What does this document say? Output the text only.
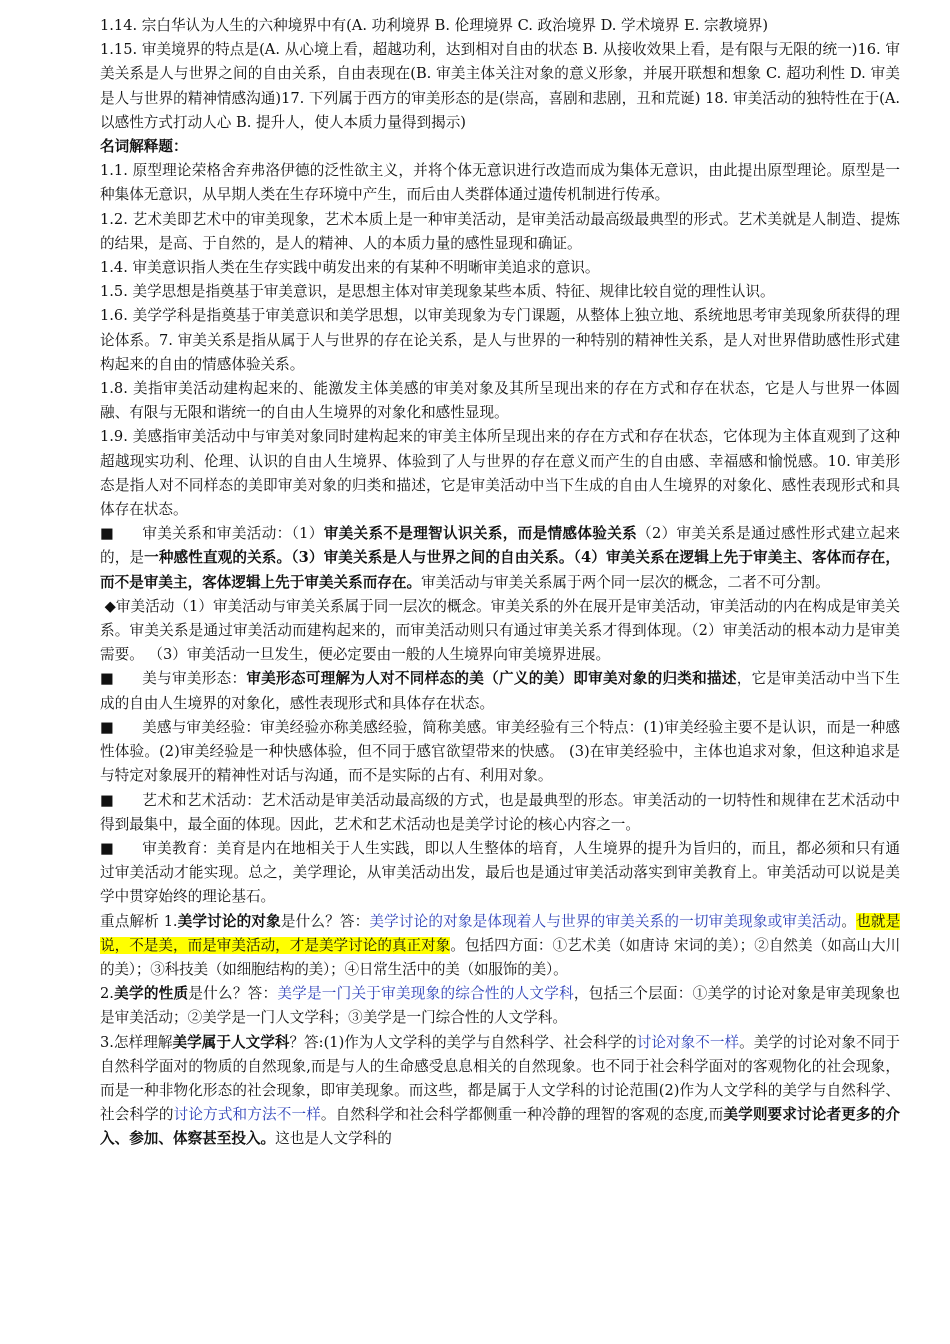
1.14. 宗白华认为人生的六种境界中有(A. 功利境界 B. 伦理境界 C. 政治境界 D. 学术境界 E. 宗教境界)

1.15. 审美境界的特点是(A. 从心境上看，超越功利，达到相对自由的状态 B. 从接收效果上看，是有限与无限的统一)16. 审美关系是人与世界之间的自由关系，自由表现在(B. 审美主体关注对象的意义形象，并展开联想和想象 C. 超功利性 D. 审美是人与世界的精神情感沟通)17. 下列属于西方的审美形态的是(崇高，喜剧和悲剧，丑和荒诞) 18. 审美活动的独特性在于(A. 以感性方式打动人心 B. 提升人，使人本质力量得到揭示)

名词解释题：

1.1. 原型理论荣格舍弃弗洛伊德的泛性欲主义，并将个体无意识进行改造而成为集体无意识，由此提出原型理论。原型是一种集体无意识，从早期人类在生存环境中产生，而后由人类群体通过遗传机制进行传承。

1.2. 艺术美即艺术中的审美现象，艺术本质上是一种审美活动，是审美活动最高级最典型的形式。艺术美就是人制造、提炼的结果，是高、于自然的，是人的精神、人的本质力量的感性显现和确证。

1.4. 审美意识指人类在生存实践中萌发出来的有某种不明晰审美追求的意识。

1.5. 美学思想是指奠基于审美意识，是思想主体对审美现象某些本质、特征、规律比较自觉的理性认识。

1.6. 美学学科是指奠基于审美意识和美学思想，以审美现象为专门课题，从整体上独立地、系统地思考审美现象所获得的理论体系。7. 审美关系是指从属于人与世界的存在论关系，是人与世界的一种特别的精神性关系，是人对世界借助感性形式建构起来的自由的情感体验关系。

1.8. 美指审美活动建构起来的、能激发主体美感的审美对象及其所呈现出来的存在方式和存在状态，它是人与世界一体圆融、有限与无限和谐统一的自由人生境界的对象化和感性显现。

1.9. 美感指审美活动中与审美对象同时建构起来的审美主体所呈现出来的存在方式和存在状态，它体现为主体直观到了这种超越现实功利、伦理、认识的自由人生境界、体验到了人与世界的存在意义而产生的自由感、幸福感和愉悦感。10. 审美形态是指人对不同样态的美即审美对象的归类和描述，它是审美活动中当下生成的自由人生境界的对象化、感性表现形式和具体存在状态。

■ 审美关系和审美活动：（1）审美关系不是理智认识关系，而是情感体验关系（2）审美关系是通过感性形式建立起来的，是一种感性直观的关系。（3）审美关系是人与世界之间的自由关系。（4）审美关系在逻辑上先于审美主、客体而存在，而不是审美主，客体逻辑上先于审美关系而存在。审美活动与审美关系属于两个同一层次的概念，二者不可分割。

◆审美活动（1）审美活动与审美关系属于同一层次的概念。审美关系的外在展开是审美活动，审美活动的内在构成是审美关系。审美关系是通过审美活动而建构起来的，而审美活动则只有通过审美关系才得到体现。（2）审美活动的根本动力是审美需要。 （3）审美活动一旦发生，便必定要由一般的人生境界向审美境界进展。

■ 美与审美形态：审美形态可理解为人对不同样态的美（广义的美）即审美对象的归类和描述，它是审美活动中当下生成的自由人生境界的对象化，感性表现形式和具体存在状态。

■ 美感与审美经验：审美经验亦称美感经验，简称美感。审美经验有三个特点：(1)审美经验主要不是认识，而是一种感性体验。(2)审美经验是一种快感体验，但不同于感官欲望带来的快感。 (3)在审美经验中，主体也追求对象，但这种追求是与特定对象展开的精神性对话与沟通，而不是实际的占有、利用对象。

■ 艺术和艺术活动：艺术活动是审美活动最高级的方式，也是最典型的形态。审美活动的一切特性和规律在艺术活动中得到最集中，最全面的体现。因此，艺术和艺术活动也是美学讨论的核心内容之一。

■ 审美教育：美育是内在地相关于人生实践，即以人生整体的培育，人生境界的提升为旨归的，而且，都必须和只有通过审美活动才能实现。总之，美学理论，从审美活动出发，最后也是通过审美活动落实到审美教育上。审美活动可以说是美学中贯穿始终的理论基石。

重点解析 1.美学讨论的对象是什么？答：美学讨论的对象是体现着人与世界的审美关系的一切审美现象或审美活动。也就是说，不是美，而是审美活动，才是美学讨论的真正对象。包括四方面：①艺术美（如唐诗 宋词的美）；②自然美（如高山大川的美）；③科技美（如细胞结构的美）；④日常生活中的美（如服饰的美）。

2.美学的性质是什么？答：美学是一门关于审美现象的综合性的人文学科，包括三个层面：①美学的讨论对象是审美现象也是审美活动；②美学是一门人文学科；③美学是一门综合性的人文学科。

3.怎样理解美学属于人文学科？答:(1)作为人文学科的美学与自然科学、社会科学的讨论对象不一样。美学的讨论对象不同于自然科学面对的物质的自然现象,而是与人的生命感受息息相关的自然现象。也不同于社会科学面对的客观物化的社会现象，而是一种非物化形态的社会现象，即审美现象。而这些，都是属于人文学科的讨论范围(2)作为人文学科的美学与自然科学、社会科学的讨论方式和方法不一样。自然科学和社会科学都侧重一种冷静的理智的客观的态度,而美学则要求讨论者更多的介入、参加、体察甚至投入。这也是人文学科的
